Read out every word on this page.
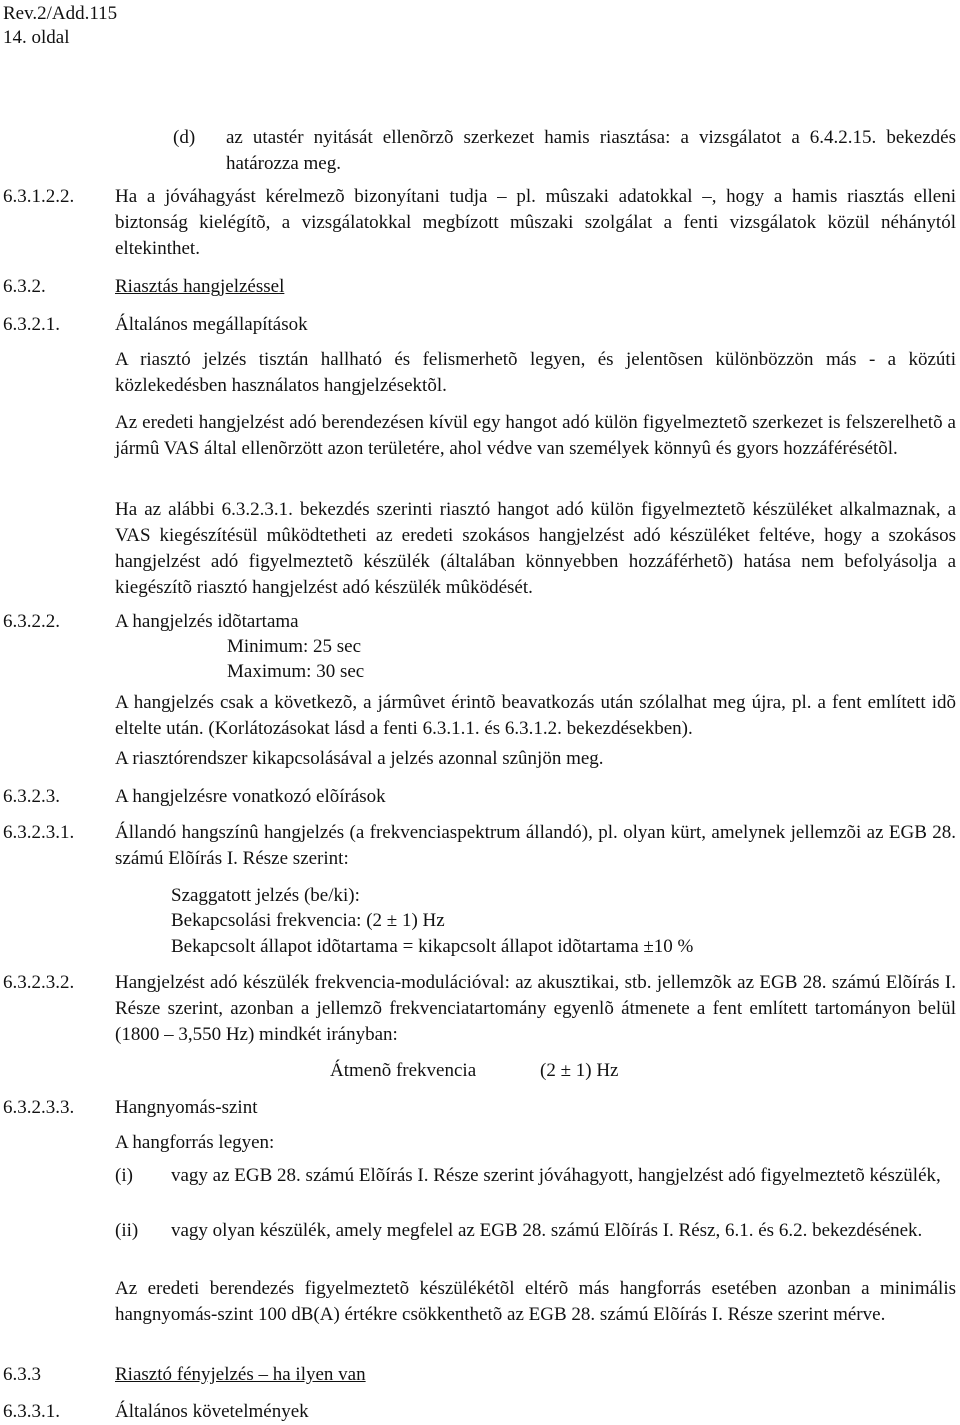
Rev.2/Add.115
14. oldal
(d) az utastér nyitását ellenõrzõ szerkezet hamis riasztása: a vizsgálatot a 6.4.2.15. bekezdés határozza meg.
6.3.1.2.2. Ha a jóváhagyást kérelmezõ bizonyítani tudja – pl. mûszaki adatokkal –, hogy a hamis riasztás elleni biztonság kielégítõ, a vizsgálatokkal megbízott mûszaki szolgálat a fenti vizsgálatok közül néhánytól eltekinthet.
6.3.2.	Riasztás hangjelzéssel
6.3.2.1.	Általános megállapítások
A riasztó jelzés tisztán hallható és felismerhetõ legyen, és jelentõsen különbözzön más - a közúti közlekedésben használatos hangjelzésektõl.
Az eredeti hangjelzést adó berendezésen kívül egy hangot adó külön figyelmeztetõ szerkezet is felszerelhetõ a jármû VAS által ellenõrzött azon területére, ahol védve van személyek könnyû és gyors hozzáférésétõl.
Ha az alábbi 6.3.2.3.1. bekezdés szerinti riasztó hangot adó külön figyelmeztetõ készüléket alkalmaznak, a VAS kiegészítésül mûködtetheti az eredeti szokásos hangjelzést adó készüléket feltéve, hogy a szokásos hangjelzést adó figyelmeztetõ készülék (általában könnyebben hozzáférhetõ) hatása nem befolyásolja a kiegészítõ riasztó hangjelzést adó készülék mûködését.
6.3.2.2.	A hangjelzés idõtartama
Minimum: 25 sec
Maximum: 30 sec
A hangjelzés csak a következõ, a jármûvet érintõ beavatkozás után szólalhat meg újra, pl. a fent említett idõ eltelte után. (Korlátozásokat lásd a fenti 6.3.1.1. és 6.3.1.2. bekezdésekben).
A riasztórendszer kikapcsolásával a jelzés azonnal szûnjön meg.
6.3.2.3.	A hangjelzésre vonatkozó elõírások
6.3.2.3.1. Állandó hangszínû hangjelzés (a frekvenciaspektrum állandó), pl. olyan kürt, amelynek jellemzõi az EGB 28. számú Elõírás I. Része szerint:
Szaggatott jelzés (be/ki):
Bekapcsolási frekvencia: (2 ± 1) Hz
Bekapcsolt állapot idõtartama = kikapcsolt állapot idõtartama ±10 %
6.3.2.3.2. Hangjelzést adó készülék frekvencia-modulációval: az akusztikai, stb. jellemzõk az EGB 28. számú Elõírás I. Része szerint, azonban a jellemzõ frekvenciatartomány egyenlõ átmenete a fent említett tartományon belül (1800 – 3,550 Hz) mindkét irányban:
Átmenõ frekvencia	(2 ± 1) Hz
6.3.2.3.3. Hangnyomás-szint
A hangforrás legyen:
(i) vagy az EGB 28. számú Elõírás I. Része szerint jóváhagyott, hangjelzést adó figyelmeztetõ készülék,
(ii) vagy olyan készülék, amely megfelel az EGB 28. számú Elõírás I. Rész, 6.1. és 6.2. bekezdésének.
Az eredeti berendezés figyelmeztetõ készülékétõl eltérõ más hangforrás esetében azonban a minimális hangnyomás-szint 100 dB(A) értékre csökkenthetõ az EGB 28. számú Elõírás I. Része szerint mérve.
6.3.3	Riasztó fényjelzés – ha ilyen van
6.3.3.1.	Általános követelmények
